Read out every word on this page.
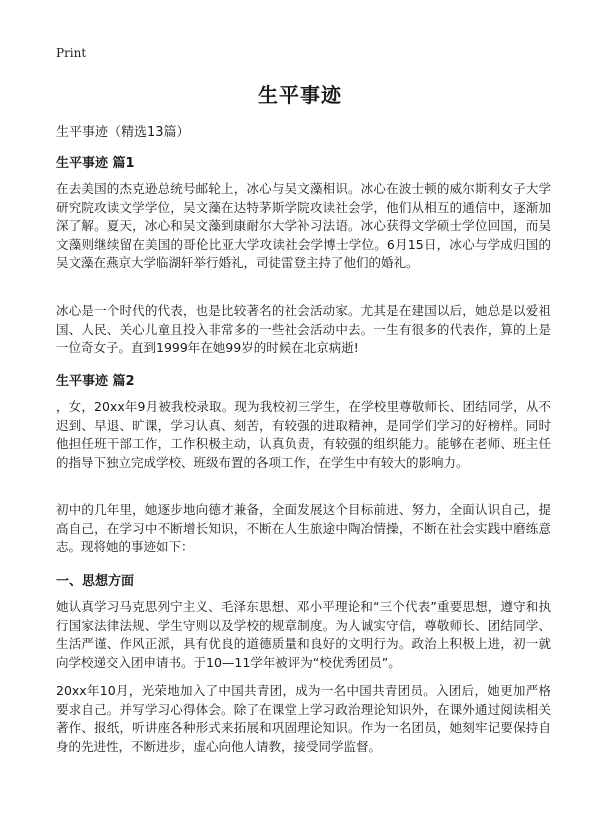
Print
生平事迹

生平事迹（精选13篇）

生平事迹 篇1

在去美国的杰克逊总统号邮轮上，冰心与吴文藻相识。冰心在波士顿的威尔斯利女子大学研究院攻读文学学位，吴文藻在达特茅斯学院攻读社会学，他们从相互的通信中，逐渐加深了解。夏天，冰心和吴文藻到康耐尔大学补习法语。冰心获得文学硕士学位回国，而吴文藻则继续留在美国的哥伦比亚大学攻读社会学博士学位。6月15日，冰心与学成归国的吴文藻在燕京大学临湖轩举行婚礼，司徒雷登主持了他们的婚礼。

冰心是一个时代的代表，也是比较著名的社会活动家。尤其是在建国以后，她总是以爱祖国、人民、关心儿童且投入非常多的一些社会活动中去。一生有很多的代表作，算的上是一位奇女子。直到1999年在她99岁的时候在北京病逝!

生平事迹 篇2

，女，20xx年9月被我校录取。现为我校初三学生，在学校里尊敬师长、团结同学，从不迟到、早退、旷课，学习认真、刻苦，有较强的进取精神，是同学们学习的好榜样。同时他担任班干部工作，工作积极主动，认真负责，有较强的组织能力。能够在老师、班主任的指导下独立完成学校、班级布置的各项工作，在学生中有较大的影响力。

初中的几年里，她逐步地向德才兼备，全面发展这个目标前进、努力，全面认识自己，提高自己，在学习中不断增长知识，不断在人生旅途中陶冶情操，不断在社会实践中磨练意志。现将她的事迹如下：

一、思想方面

她认真学习马克思列宁主义、毛泽东思想、邓小平理论和“三个代表”重要思想，遵守和执行国家法律法规、学生守则以及学校的规章制度。为人诚实守信，尊敬师长、团结同学、生活严谨、作风正派，具有优良的道德质量和良好的文明行为。政治上积极上进，初一就向学校递交入团申请书。于10—11学年被评为“校优秀团员”。

20xx年10月，光荣地加入了中国共青团，成为一名中国共青团员。入团后，她更加严格要求自己。并写学习心得体会。除了在课堂上学习政治理论知识外，在课外通过阅读相关著作、报纸，听讲座各种形式来拓展和巩固理论知识。作为一名团员，她刻牢记要保持自身的先进性，不断进步，虚心向他人请教，接受同学监督。
